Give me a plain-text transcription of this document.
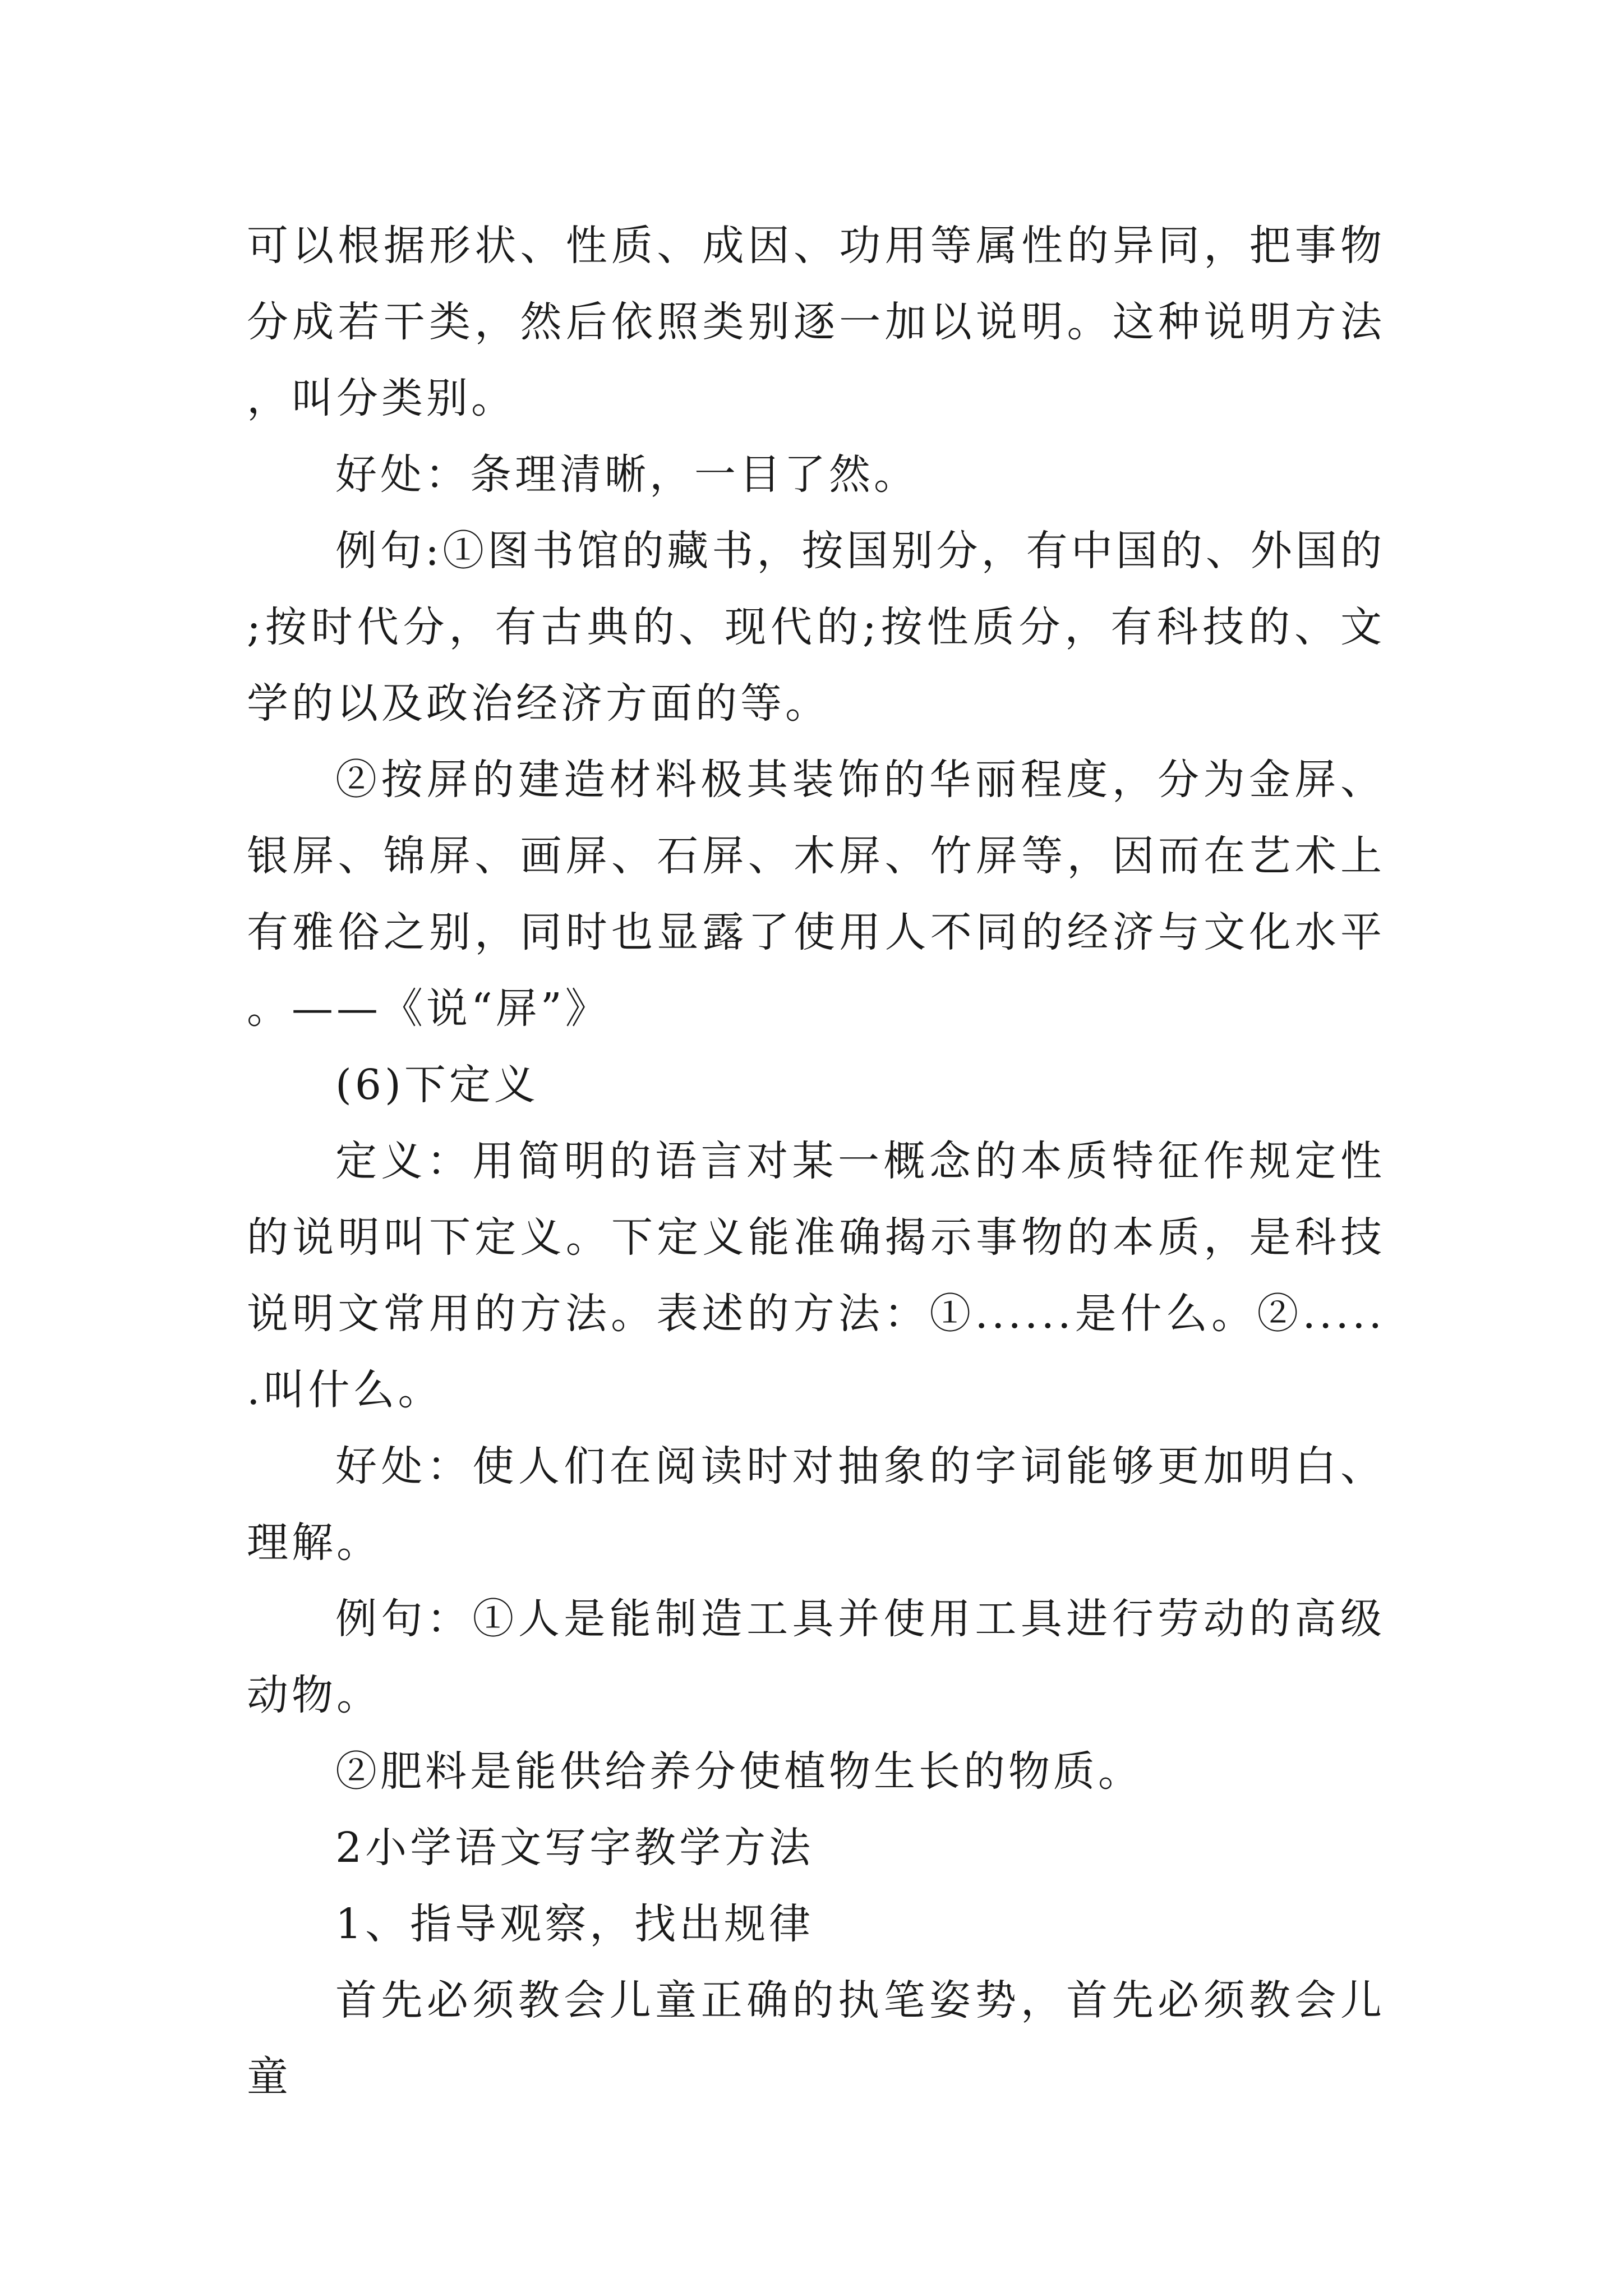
可以根据形状、性质、成因、功用等属性的异同，把事物分成若干类，然后依照类别逐一加以说明。这种说明方法，叫分类别。

好处：条理清晰，一目了然。

例句:①图书馆的藏书，按国别分，有中国的、外国的;按时代分，有古典的、现代的;按性质分，有科技的、文学的以及政治经济方面的等。

②按屏的建造材料极其装饰的华丽程度，分为金屏、银屏、锦屏、画屏、石屏、木屏、竹屏等，因而在艺术上有雅俗之别，同时也显露了使用人不同的经济与文化水平。——《说“屏”》

(6)下定义

定义：用简明的语言对某一概念的本质特征作规定性的说明叫下定义。下定义能准确揭示事物的本质，是科技说明文常用的方法。表述的方法：①......是什么。②......叫什么。

好处：使人们在阅读时对抽象的字词能够更加明白、理解。

例句：①人是能制造工具并使用工具进行劳动的高级动物。

②肥料是能供给养分使植物生长的物质。

2小学语文写字教学方法

1、指导观察，找出规律

首先必须教会儿童正确的执笔姿势，首先必须教会儿童
